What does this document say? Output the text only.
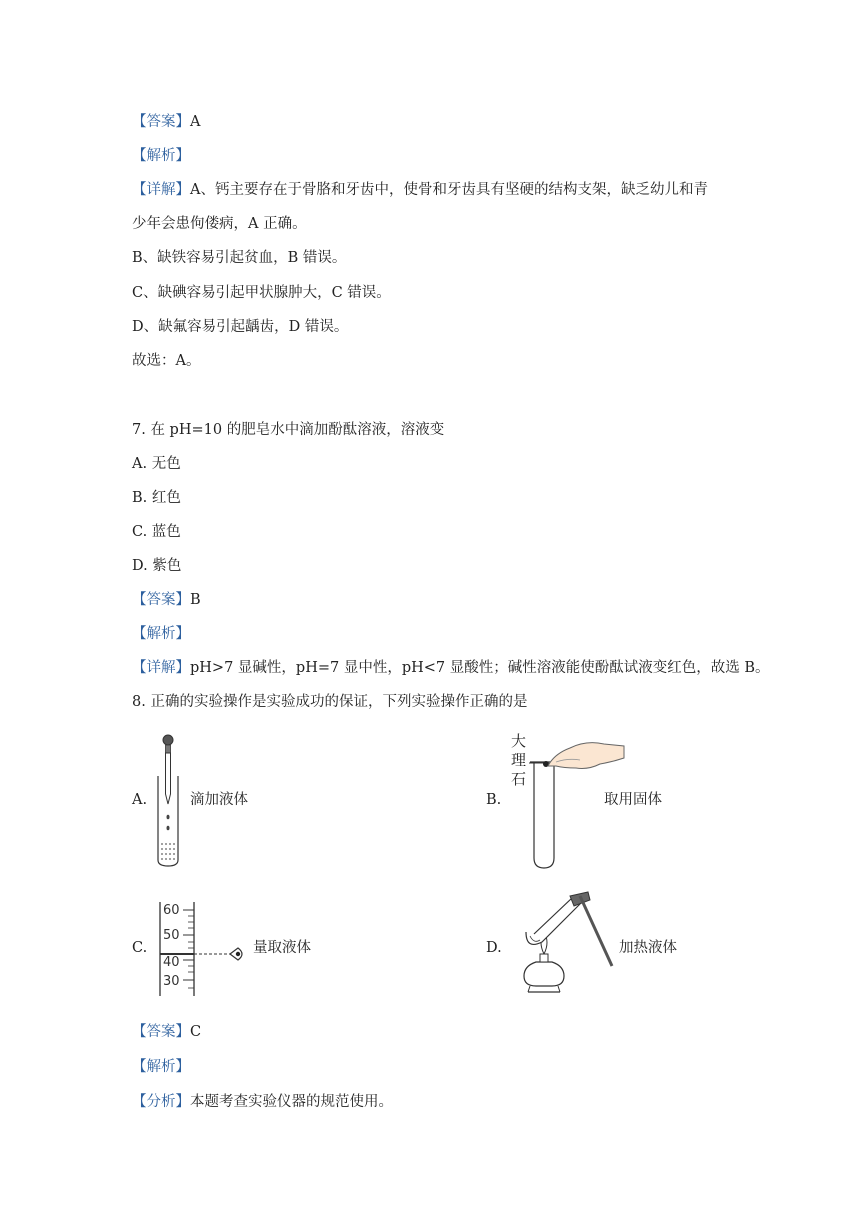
【答案】A
【解析】
【详解】A、钙主要存在于骨胳和牙齿中，使骨和牙齿具有坚硬的结构支架，缺乏幼儿和青
少年会患佝偻病，A 正确。
B、缺铁容易引起贫血，B 错误。
C、缺碘容易引起甲状腺肿大，C 错误。
D、缺氟容易引起龋齿，D 错误。
故选：A。
7. 在 pH=10 的肥皂水中滴加酚酞溶液，溶液变
A. 无色
B. 红色
C. 蓝色
D. 紫色
【答案】B
【解析】
【详解】pH>7 显碱性，pH=7 显中性，pH<7 显酸性；碱性溶液能使酚酞试液变红色，故选 B。
8. 正确的实验操作是实验成功的保证，下列实验操作正确的是
A.	滴加液体	B.
大
理
石
取用固体
C.
60
50
40
30
量取液体	D.	加热液体
【答案】C
【解析】
【分析】本题考查实验仪器的规范使用。
